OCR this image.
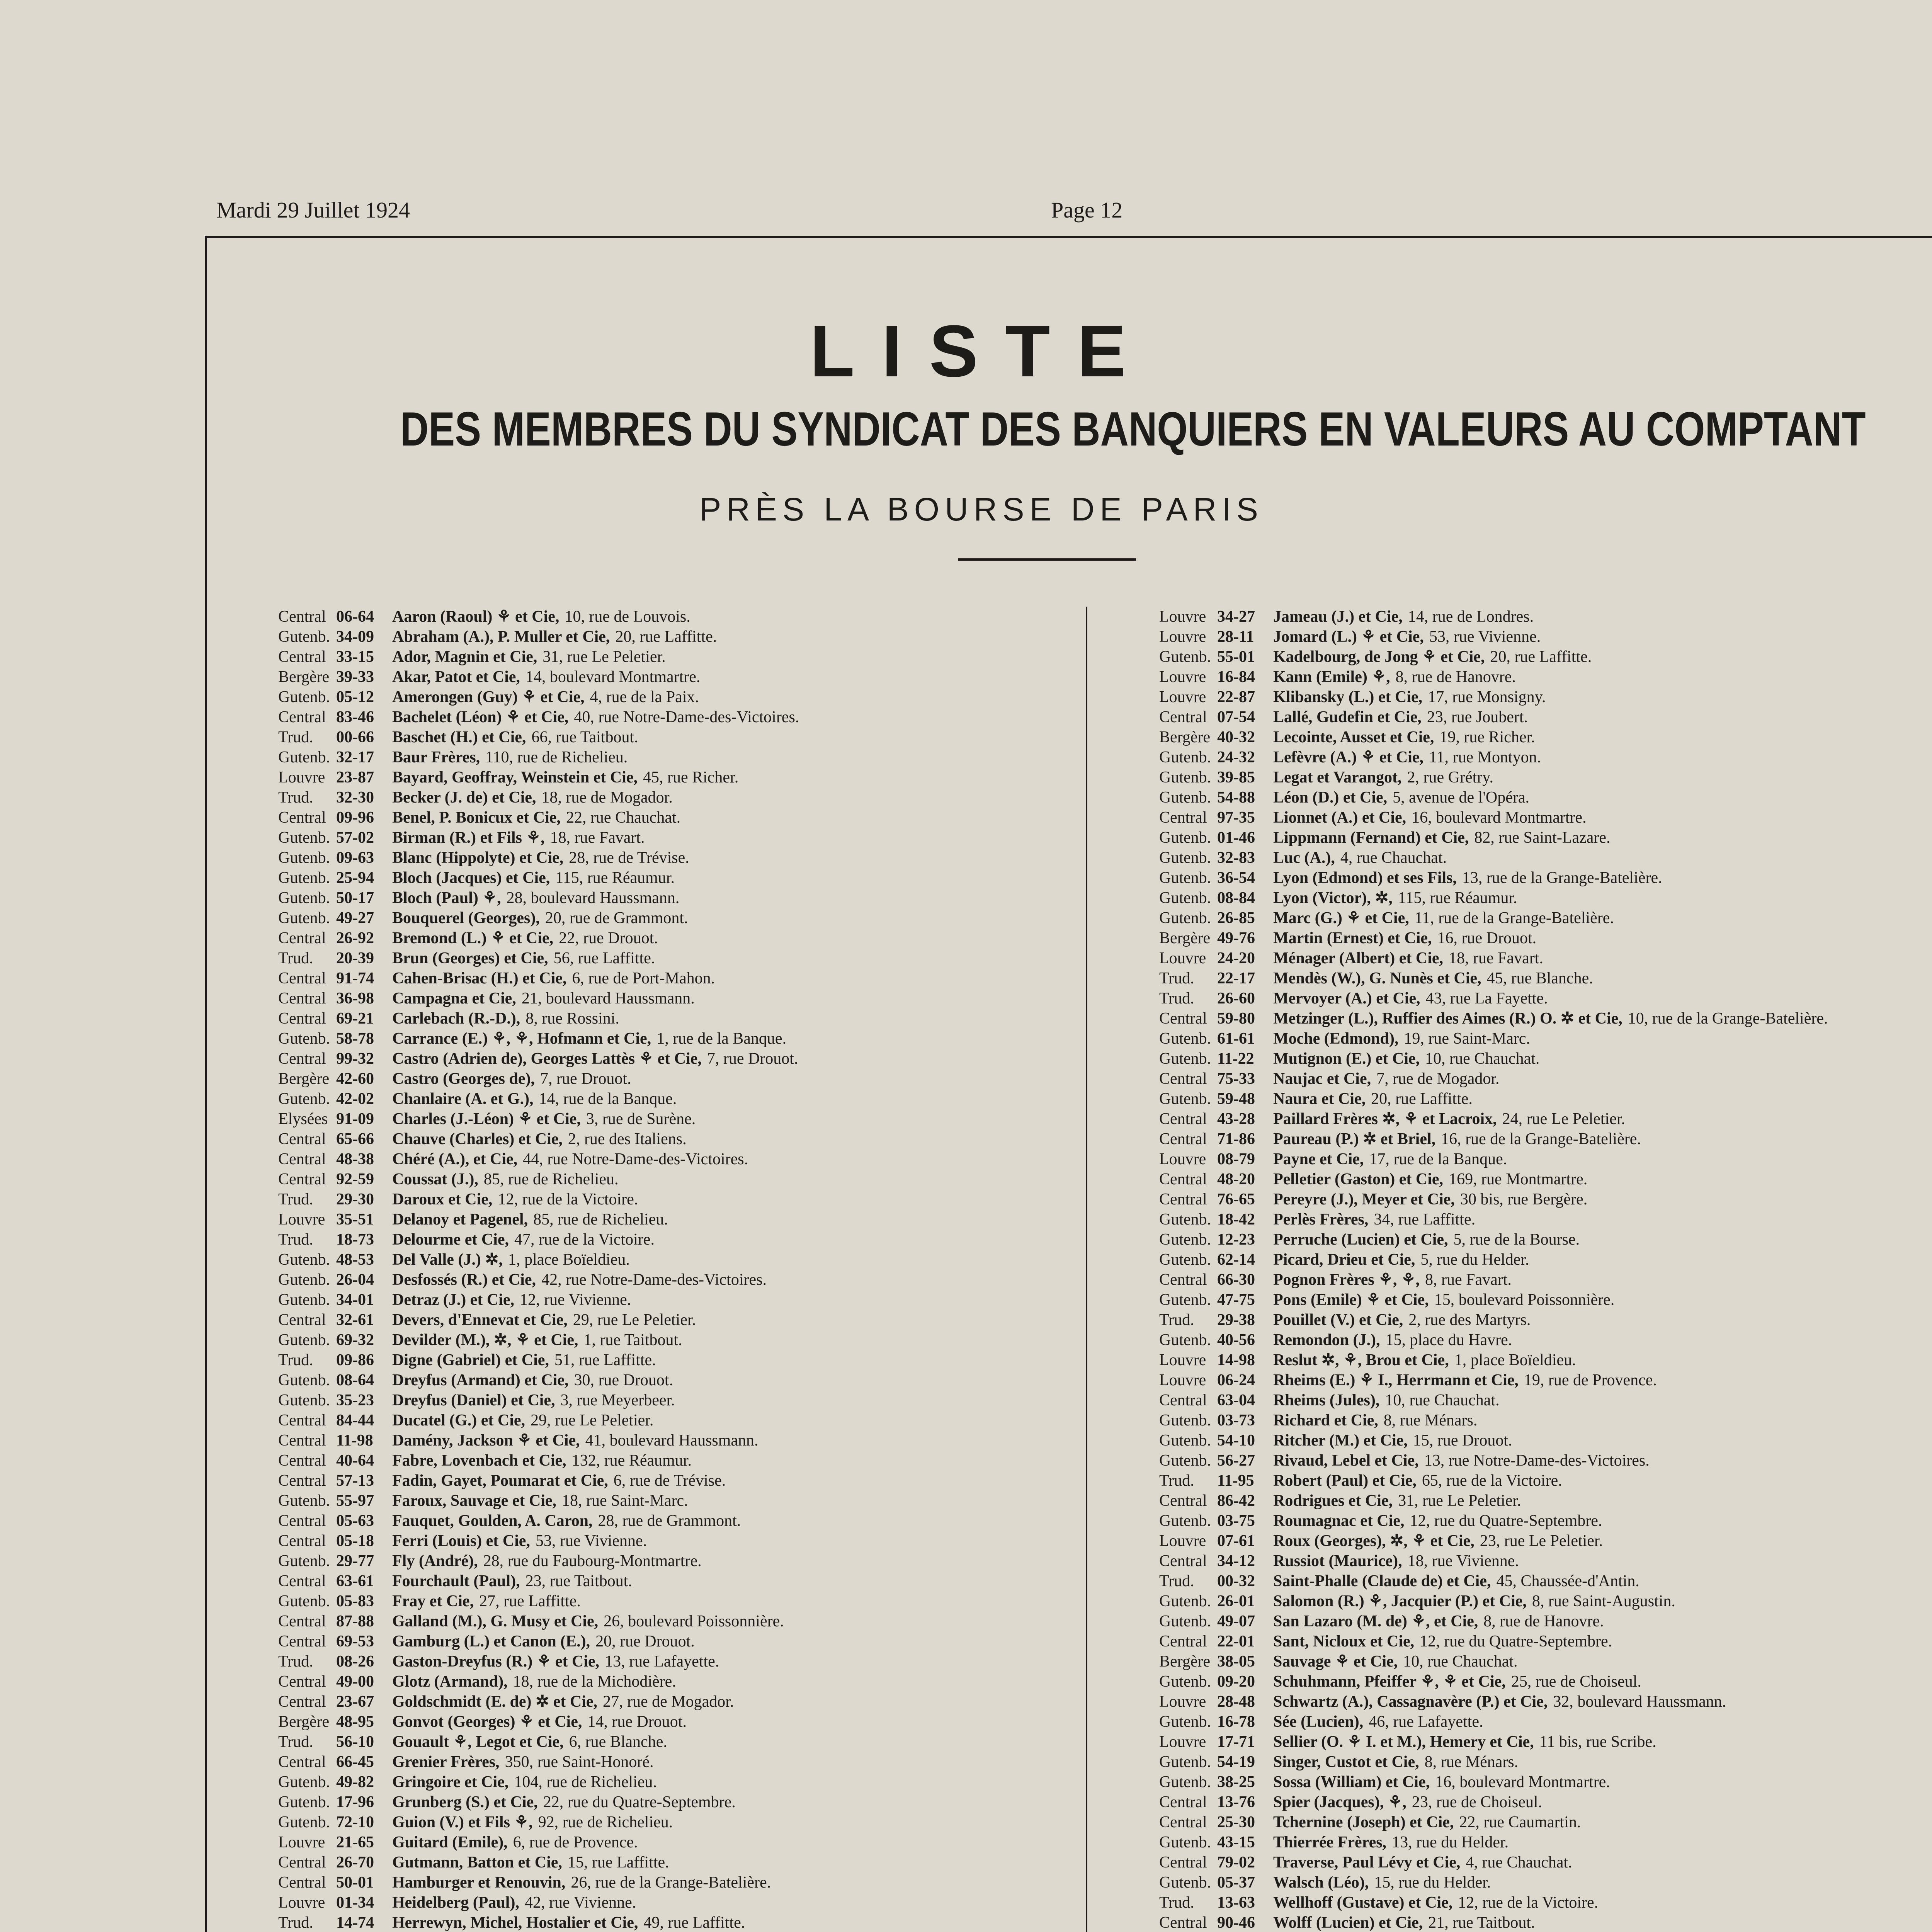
Mardi 29 Juillet 1924	Page 12
LISTE
DES MEMBRES DU SYNDICAT DES BANQUIERS EN VALEURS AU COMPTANT
PRÈS LA BOURSE DE PARIS
Central 06-64	Aaron (Raoul) ⚘ et Cie, 10, rue de Louvois.
Gutenb. 34-09	Abraham (A.), P. Muller et Cie, 20, rue Laffitte.
Central 33-15	Ador, Magnin et Cie, 31, rue Le Peletier.
Bergère 39-33	Akar, Patot et Cie, 14, boulevard Montmartre.
Gutenb. 05-12	Amerongen (Guy) ⚘ et Cie, 4, rue de la Paix.
Central 83-46	Bachelet (Léon) ⚘ et Cie, 40, rue Notre-Dame-des-Victoires.
Trud.	00-66	Baschet (H.) et Cie, 66, rue Taitbout.
Gutenb. 32-17	Baur Frères, 110, rue de Richelieu.
Louvre 23-87	Bayard, Geoffray, Weinstein et Cie, 45, rue Richer.
Trud.	32-30	Becker (J. de) et Cie, 18, rue de Mogador.
Central 09-96	Benel, P. Bonicux et Cie, 22, rue Chauchat.
Gutenb. 57-02	Birman (R.) et Fils ⚘, 18, rue Favart.
Gutenb. 09-63	Blanc (Hippolyte) et Cie, 28, rue de Trévise.
Gutenb. 25-94	Bloch (Jacques) et Cie, 115, rue Réaumur.
Gutenb. 50-17	Bloch (Paul) ⚘, 28, boulevard Haussmann.
Gutenb. 49-27	Bouquerel (Georges), 20, rue de Grammont.
Central 26-92	Bremond (L.) ⚘ et Cie, 22, rue Drouot.
Trud.	20-39	Brun (Georges) et Cie, 56, rue Laffitte.
Central 91-74	Cahen-Brisac (H.) et Cie, 6, rue de Port-Mahon.
Central 36-98	Campagna et Cie, 21, boulevard Haussmann.
Central 69-21	Carlebach (R.-D.), 8, rue Rossini.
Gutenb. 58-78	Carrance (E.) ⚘, ⚘, Hofmann et Cie, 1, rue de la Banque.
Central 99-32	Castro (Adrien de), Georges Lattès ⚘ et Cie, 7, rue Drouot.
Bergère 42-60	Castro (Georges de), 7, rue Drouot.
Gutenb. 42-02	Chanlaire (A. et G.), 14, rue de la Banque.
Elysées 91-09	Charles (J.-Léon) ⚘ et Cie, 3, rue de Surène.
Central 65-66	Chauve (Charles) et Cie, 2, rue des Italiens.
Central 48-38	Chéré (A.), et Cie, 44, rue Notre-Dame-des-Victoires.
Central 92-59	Coussat (J.), 85, rue de Richelieu.
Trud.	29-30	Daroux et Cie, 12, rue de la Victoire.
Louvre 35-51	Delanoy et Pagenel, 85, rue de Richelieu.
Trud.	18-73	Delourme et Cie, 47, rue de la Victoire.
Gutenb. 48-53	Del Valle (J.) ✲, 1, place Boïeldieu.
Gutenb. 26-04	Desfossés (R.) et Cie, 42, rue Notre-Dame-des-Victoires.
Gutenb. 34-01	Detraz (J.) et Cie, 12, rue Vivienne.
Central 32-61	Devers, d'Ennevat et Cie, 29, rue Le Peletier.
Gutenb. 69-32	Devilder (M.), ✲, ⚘ et Cie, 1, rue Taitbout.
Trud.	09-86	Digne (Gabriel) et Cie, 51, rue Laffitte.
Gutenb. 08-64	Dreyfus (Armand) et Cie, 30, rue Drouot.
Gutenb. 35-23	Dreyfus (Daniel) et Cie, 3, rue Meyerbeer.
Central 84-44	Ducatel (G.) et Cie, 29, rue Le Peletier.
Central 11-98	Damény, Jackson ⚘ et Cie, 41, boulevard Haussmann.
Central 40-64	Fabre, Lovenbach et Cie, 132, rue Réaumur.
Central 57-13	Fadin, Gayet, Poumarat et Cie, 6, rue de Trévise.
Gutenb. 55-97	Faroux, Sauvage et Cie, 18, rue Saint-Marc.
Central 05-63	Fauquet, Goulden, A. Caron, 28, rue de Grammont.
Central 05-18	Ferri (Louis) et Cie, 53, rue Vivienne.
Gutenb. 29-77	Fly (André), 28, rue du Faubourg-Montmartre.
Central 63-61	Fourchault (Paul), 23, rue Taitbout.
Gutenb. 05-83	Fray et Cie, 27, rue Laffitte.
Central 87-88	Galland (M.), G. Musy et Cie, 26, boulevard Poissonnière.
Central 69-53	Gamburg (L.) et Canon (E.), 20, rue Drouot.
Trud.	08-26	Gaston-Dreyfus (R.) ⚘ et Cie, 13, rue Lafayette.
Central 49-00	Glotz (Armand), 18, rue de la Michodière.
Central 23-67	Goldschmidt (E. de) ✲ et Cie, 27, rue de Mogador.
Bergère 48-95	Gonvot (Georges) ⚘ et Cie, 14, rue Drouot.
Trud.	56-10	Gouault ⚘, Legot et Cie, 6, rue Blanche.
Central 66-45	Grenier Frères, 350, rue Saint-Honoré.
Gutenb. 49-82	Gringoire et Cie, 104, rue de Richelieu.
Gutenb. 17-96	Grunberg (S.) et Cie, 22, rue du Quatre-Septembre.
Gutenb. 72-10	Guion (V.) et Fils ⚘, 92, rue de Richelieu.
Louvre 21-65	Guitard (Emile), 6, rue de Provence.
Central 26-70	Gutmann, Batton et Cie, 15, rue Laffitte.
Central 50-01	Hamburger et Renouvin, 26, rue de la Grange-Batelière.
Louvre 01-34	Heidelberg (Paul), 42, rue Vivienne.
Trud.	14-74	Herrewyn, Michel, Hostalier et Cie, 49, rue Laffitte.
Louvre 34-27	Jameau (J.) et Cie, 14, rue de Londres.
Louvre 28-11	Jomard (L.) ⚘ et Cie, 53, rue Vivienne.
Gutenb. 55-01	Kadelbourg, de Jong ⚘ et Cie, 20, rue Laffitte.
Louvre 16-84	Kann (Emile) ⚘, 8, rue de Hanovre.
Louvre 22-87	Klibansky (L.) et Cie, 17, rue Monsigny.
Central 07-54	Lallé, Gudefin et Cie, 23, rue Joubert.
Bergère 40-32	Lecointe, Ausset et Cie, 19, rue Richer.
Gutenb. 24-32	Lefèvre (A.) ⚘ et Cie, 11, rue Montyon.
Gutenb. 39-85	Legat et Varangot, 2, rue Grétry.
Gutenb. 54-88	Léon (D.) et Cie, 5, avenue de l'Opéra.
Central 97-35	Lionnet (A.) et Cie, 16, boulevard Montmartre.
Gutenb. 01-46	Lippmann (Fernand) et Cie, 82, rue Saint-Lazare.
Gutenb. 32-83	Luc (A.), 4, rue Chauchat.
Gutenb. 36-54	Lyon (Edmond) et ses Fils, 13, rue de la Grange-Batelière.
Gutenb. 08-84	Lyon (Victor), ✲, 115, rue Réaumur.
Gutenb. 26-85	Marc (G.) ⚘ et Cie, 11, rue de la Grange-Batelière.
Bergère 49-76	Martin (Ernest) et Cie, 16, rue Drouot.
Louvre 24-20	Ménager (Albert) et Cie, 18, rue Favart.
Trud.	22-17	Mendès (W.), G. Nunès et Cie, 45, rue Blanche.
Trud.	26-60	Mervoyer (A.) et Cie, 43, rue La Fayette.
Central 59-80	Metzinger (L.), Ruffier des Aimes (R.) O. ✲ et Cie, 10, rue de la Grange-Batelière.
Gutenb. 61-61	Moche (Edmond), 19, rue Saint-Marc.
Gutenb. 11-22	Mutignon (E.) et Cie, 10, rue Chauchat.
Central 75-33	Naujac et Cie, 7, rue de Mogador.
Gutenb. 59-48	Naura et Cie, 20, rue Laffitte.
Central 43-28	Paillard Frères ✲, ⚘ et Lacroix, 24, rue Le Peletier.
Central 71-86	Paureau (P.) ✲ et Briel, 16, rue de la Grange-Batelière.
Louvre 08-79	Payne et Cie, 17, rue de la Banque.
Central 48-20	Pelletier (Gaston) et Cie, 169, rue Montmartre.
Central 76-65	Pereyre (J.), Meyer et Cie, 30 bis, rue Bergère.
Gutenb. 18-42	Perlès Frères, 34, rue Laffitte.
Gutenb. 12-23	Perruche (Lucien) et Cie, 5, rue de la Bourse.
Gutenb. 62-14	Picard, Drieu et Cie, 5, rue du Helder.
Central 66-30	Pognon Frères ⚘, ⚘, 8, rue Favart.
Gutenb. 47-75	Pons (Emile) ⚘ et Cie, 15, boulevard Poissonnière.
Trud.	29-38	Pouillet (V.) et Cie, 2, rue des Martyrs.
Gutenb. 40-56	Remondon (J.), 15, place du Havre.
Louvre 14-98	Reslut ✲, ⚘, Brou et Cie, 1, place Boïeldieu.
Louvre 06-24	Rheims (E.) ⚘ I., Herrmann et Cie, 19, rue de Provence.
Central 63-04	Rheims (Jules), 10, rue Chauchat.
Gutenb. 03-73	Richard et Cie, 8, rue Ménars.
Gutenb. 54-10	Ritcher (M.) et Cie, 15, rue Drouot.
Gutenb. 56-27	Rivaud, Lebel et Cie, 13, rue Notre-Dame-des-Victoires.
Trud.	11-95	Robert (Paul) et Cie, 65, rue de la Victoire.
Central 86-42	Rodrigues et Cie, 31, rue Le Peletier.
Gutenb. 03-75	Roumagnac et Cie, 12, rue du Quatre-Septembre.
Louvre 07-61	Roux (Georges), ✲, ⚘ et Cie, 23, rue Le Peletier.
Central 34-12	Russiot (Maurice), 18, rue Vivienne.
Trud.	00-32	Saint-Phalle (Claude de) et Cie, 45, Chaussée-d'Antin.
Gutenb. 26-01	Salomon (R.) ⚘, Jacquier (P.) et Cie, 8, rue Saint-Augustin.
Gutenb. 49-07	San Lazaro (M. de) ⚘, et Cie, 8, rue de Hanovre.
Central 22-01	Sant, Nicloux et Cie, 12, rue du Quatre-Septembre.
Bergère 38-05	Sauvage ⚘ et Cie, 10, rue Chauchat.
Gutenb. 09-20	Schuhmann, Pfeiffer ⚘, ⚘ et Cie, 25, rue de Choiseul.
Louvre 28-48	Schwartz (A.), Cassagnavère (P.) et Cie, 32, boulevard Haussmann.
Gutenb. 16-78	Sée (Lucien), 46, rue Lafayette.
Louvre 17-71	Sellier (O. ⚘ I. et M.), Hemery et Cie, 11 bis, rue Scribe.
Gutenb. 54-19	Singer, Custot et Cie, 8, rue Ménars.
Gutenb. 38-25	Sossa (William) et Cie, 16, boulevard Montmartre.
Central 13-76	Spier (Jacques), ⚘, 23, rue de Choiseul.
Central 25-30	Tchernine (Joseph) et Cie, 22, rue Caumartin.
Gutenb. 43-15	Thierrée Frères, 13, rue du Helder.
Central 79-02	Traverse, Paul Lévy et Cie, 4, rue Chauchat.
Gutenb. 05-37	Walsch (Léo), 15, rue du Helder.
Trud.	13-63	Wellhoff (Gustave) et Cie, 12, rue de la Victoire.
Central 90-46	Wolff (Lucien) et Cie, 21, rue Taitbout.
